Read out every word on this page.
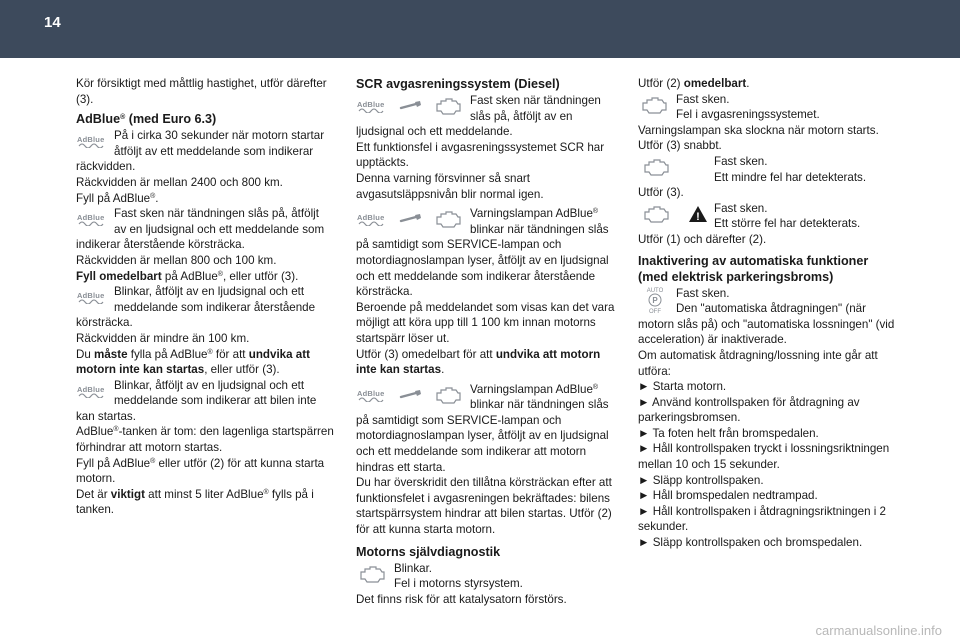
14

Kör försiktigt med måttlig hastighet, utför därefter (3).

AdBlue® (med Euro 6.3)
AdBlue På i cirka 30 sekunder när motorn startar
åtföljt av ett meddelande som indikerar

räckvidden.

Räckvidden är mellan 2400 och 800 km.

Fyll på AdBlue®.

AdBlue Fast sken när tändningen slås på, åtföljt
av en ljudsignal och ett meddelande som

indikerar återstående körsträcka.

Räckvidden är mellan 800 och 100 km.

Fyll omedelbart på AdBlue®, eller utför (3).

AdBlue Blinkar, åtföljt av en ljudsignal och ett
meddelande som indikerar återstående

körsträcka.

Räckvidden är mindre än 100 km.

Du måste fylla på AdBlue® för att undvika att motorn inte kan startas, eller utför (3).

AdBlue Blinkar, åtföljt av en ljudsignal och ett
meddelande som indikerar att bilen inte

kan startas.

AdBlue®-tanken är tom: den lagenliga startspärren förhindrar att motorn startas.

Fyll på AdBlue® eller utför (2) för att kunna starta motorn.

Det är viktigt att minst 5 liter AdBlue® fylls på i tanken.

SCR avgasreningssystem (Diesel)
AdBlue	Fast sken när tändningen
slås på, åtföljt av en

ljudsignal och ett meddelande.

Ett funktionsfel i avgasreningssystemet SCR har upptäckts.

Denna varning försvinner så snart avgasutsläppsnivån blir normal igen.

AdBlue	Varningslampan AdBlue®
blinkar när tändningen slås

på samtidigt som SERVICE-lampan och motordiagnoslampan lyser, åtföljt av en ljudsignal och ett meddelande som indikerar återstående körsträcka.

Beroende på meddelandet som visas kan det vara möjligt att köra upp till 1 100 km innan motorns startspärr löser ut.

Utför (3) omedelbart för att undvika att motorn inte kan startas.

AdBlue	Varningslampan AdBlue®
blinkar när tändningen slås

på samtidigt som SERVICE-lampan och motordiagnoslampan lyser, åtföljt av en ljudsignal och ett meddelande som indikerar att motorn hindras ett starta.

Du har överskridit den tillåtna körsträckan efter att funktionsfelet i avgasreningen bekräftades: bilens startspärrsystem hindrar att bilen startas. Utför (2) för att kunna starta motorn.

Motorns självdiagnostik
Blinkar.
Fel i motorns styrsystem.

Det finns risk för att katalysatorn förstörs.

Utför (2) omedelbart.

Fast sken.
Fel i avgasreningssystemet.

Varningslampan ska slockna när motorn starts.

Utför (3) snabbt.

Fast sken.
Ett mindre fel har detekterats.

Utför (3).

!
Fast sken.
Ett större fel har detekterats.

Utför (1) och därefter (2).

Inaktivering av automatiska funktioner (med elektrisk parkeringsbroms)
AUTO
P
OFF
Fast sken.
Den "automatiska åtdragningen" (när

motorn slås på) och "automatiska lossningen" (vid acceleration) är inaktiverade.

Om automatisk åtdragning/lossning inte går att utföra:

► Starta motorn.

► Använd kontrollspaken för åtdragning av parkeringsbromsen.

► Ta foten helt från bromspedalen.

► Håll kontrollspaken tryckt i lossningsriktningen mellan 10 och 15 sekunder.

► Släpp kontrollspaken.

► Håll bromspedalen nedtrampad.

► Håll kontrollspaken i åtdragningsriktningen i 2 sekunder.

► Släpp kontrollspaken och bromspedalen.

carmanualsonline.info
